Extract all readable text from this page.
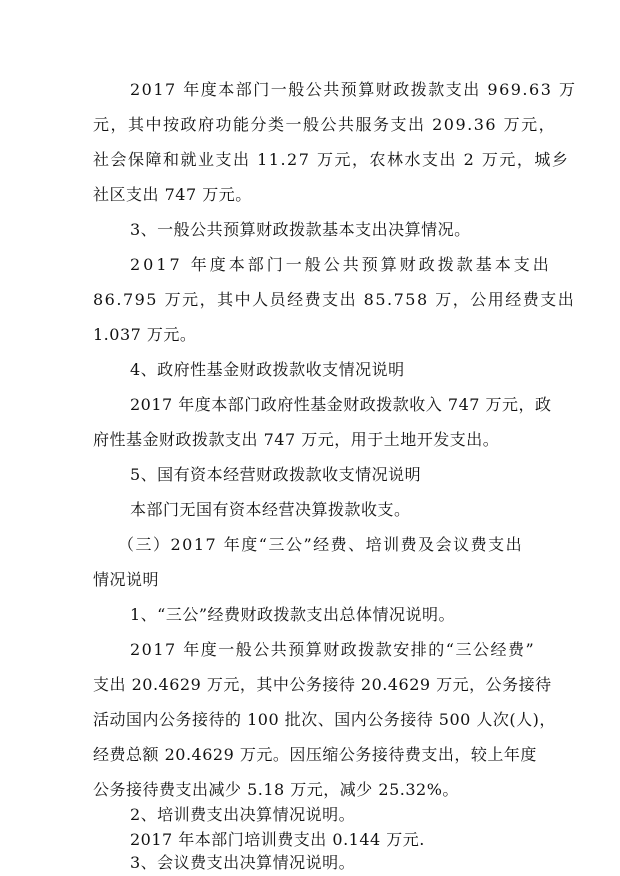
2017 年度本部门一般公共预算财政拨款支出 969.63 万
元，其中按政府功能分类一般公共服务支出 209.36 万元，
社会保障和就业支出 11.27 万元，农林水支出 2 万元，城乡
社区支出 747 万元。
3、一般公共预算财政拨款基本支出决算情况。
2017 年度本部门一般公共预算财政拨款基本支出
86.795 万元，其中人员经费支出 85.758 万，公用经费支出
1.037 万元。
4、政府性基金财政拨款收支情况说明
2017 年度本部门政府性基金财政拨款收入 747 万元，政
府性基金财政拨款支出 747 万元，用于土地开发支出。
5、国有资本经营财政拨款收支情况说明
本部门无国有资本经营决算拨款收支。
（三）2017 年度“三公”经费、培训费及会议费支出
情况说明
1、“三公”经费财政拨款支出总体情况说明。
2017 年度一般公共预算财政拨款安排的“三公经费”
支出 20.4629 万元，其中公务接待 20.4629 万元，公务接待
活动国内公务接待的 100 批次、国内公务接待 500 人次(人)，
经费总额 20.4629 万元。因压缩公务接待费支出，较上年度
公务接待费支出减少 5.18 万元，减少 25.32%。
2、培训费支出决算情况说明。
2017 年本部门培训费支出 0.144 万元.
3、会议费支出决算情况说明。
